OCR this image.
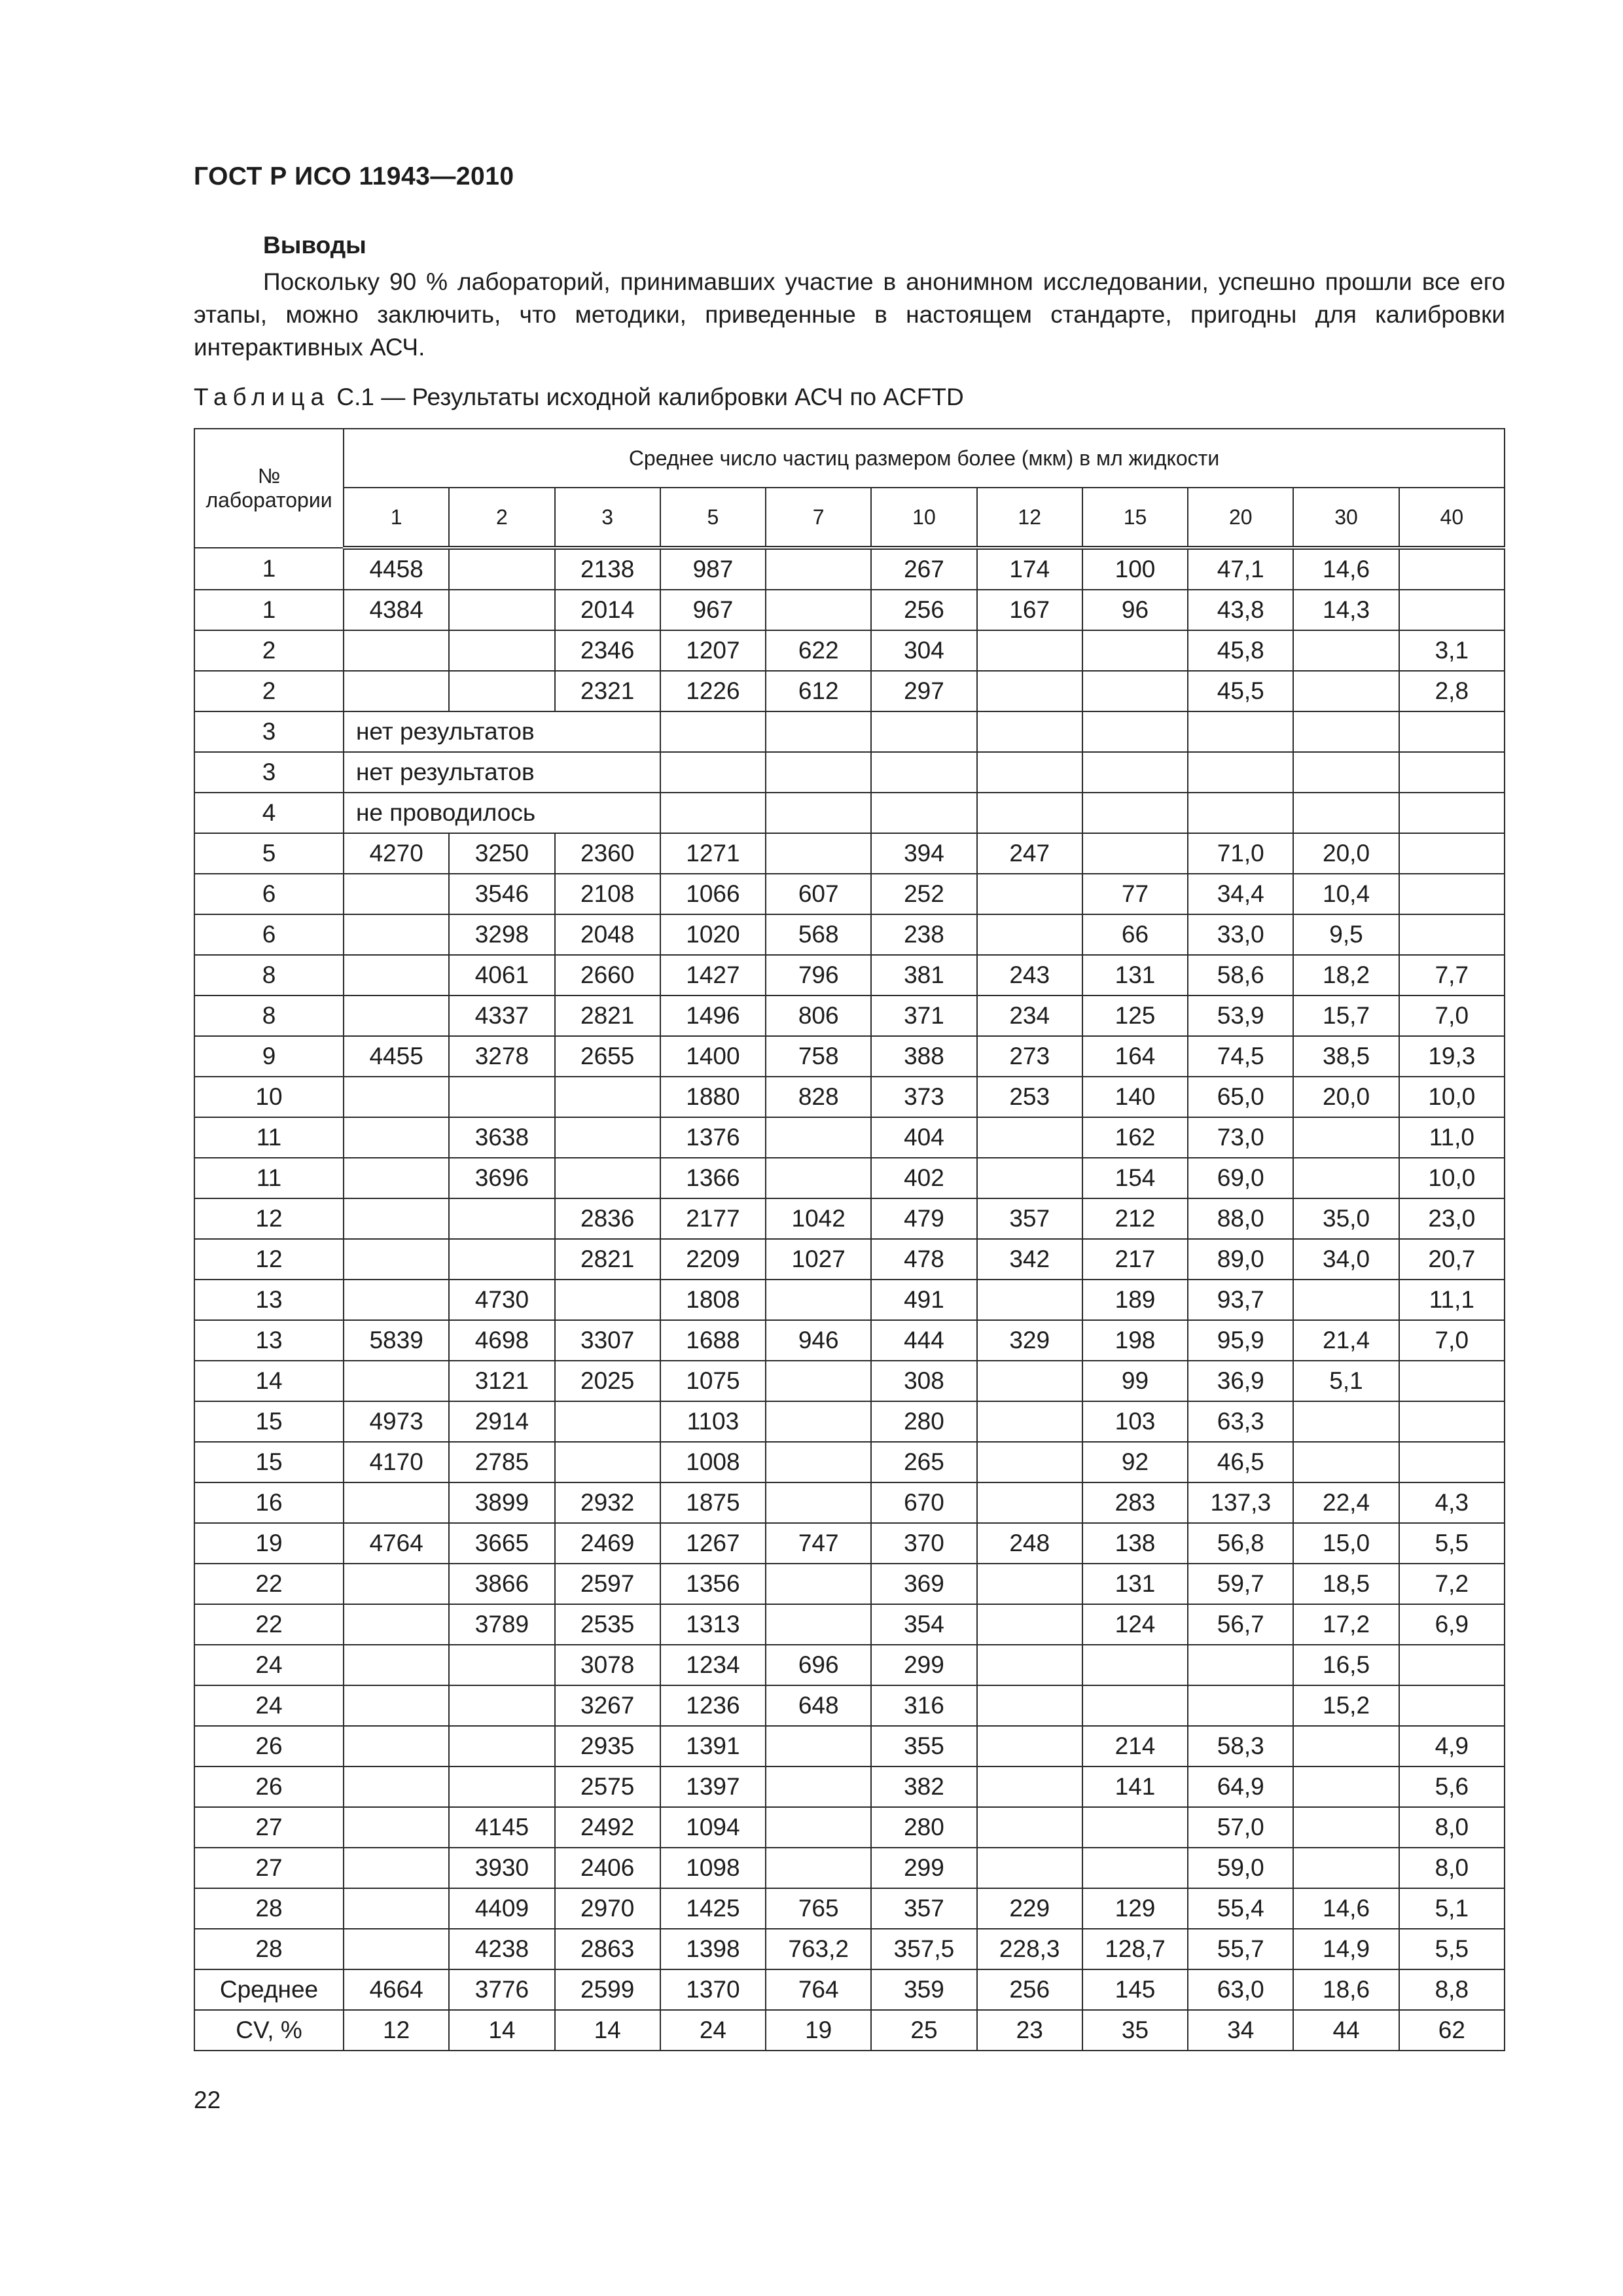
ГОСТ Р ИСО 11943—2010

Выводы

Поскольку 90 % лабораторий, принимавших участие в анонимном исследовании, успешно прошли все его этапы, можно заключить, что методики, приведенные в настоящем стандарте, пригодны для калибровки интерактивных АСЧ.

Таблица С.1 — Результаты исходной калибровки АСЧ по ACFTD

№ лаборатории	Среднее число частиц размером более (мкм) в мл жидкости										
	1	2	3	5	7	10	12	15	20	30	40
1	4458		2138	987		267	174	100	47,1	14,6	
1	4384		2014	967		256	167	96	43,8	14,3	
2			2346	1207	622	304			45,8		3,1
2			2321	1226	612	297			45,5		2,8
3	нет результатов										
3	нет результатов										
4	не проводилось										
5	4270	3250	2360	1271		394	247		71,0	20,0	
6		3546	2108	1066	607	252		77	34,4	10,4	
6		3298	2048	1020	568	238		66	33,0	9,5	
8		4061	2660	1427	796	381	243	131	58,6	18,2	7,7
8		4337	2821	1496	806	371	234	125	53,9	15,7	7,0
9	4455	3278	2655	1400	758	388	273	164	74,5	38,5	19,3
10				1880	828	373	253	140	65,0	20,0	10,0
11		3638		1376		404		162	73,0		11,0
11		3696		1366		402		154	69,0		10,0
12			2836	2177	1042	479	357	212	88,0	35,0	23,0
12			2821	2209	1027	478	342	217	89,0	34,0	20,7
13		4730		1808		491		189	93,7		11,1
13	5839	4698	3307	1688	946	444	329	198	95,9	21,4	7,0
14		3121	2025	1075		308		99	36,9	5,1	
15	4973	2914		1103		280		103	63,3		
15	4170	2785		1008		265		92	46,5		
16		3899	2932	1875		670		283	137,3	22,4	4,3
19	4764	3665	2469	1267	747	370	248	138	56,8	15,0	5,5
22		3866	2597	1356		369		131	59,7	18,5	7,2
22		3789	2535	1313		354		124	56,7	17,2	6,9
24			3078	1234	696	299				16,5	
24			3267	1236	648	316				15,2	
26			2935	1391		355		214	58,3		4,9
26			2575	1397		382		141	64,9		5,6
27		4145	2492	1094		280			57,0		8,0
27		3930	2406	1098		299			59,0		8,0
28		4409	2970	1425	765	357	229	129	55,4	14,6	5,1
28		4238	2863	1398	763,2	357,5	228,3	128,7	55,7	14,9	5,5
Среднее	4664	3776	2599	1370	764	359	256	145	63,0	18,6	8,8
CV, %	12	14	14	24	19	25	23	35	34	44	62

22
